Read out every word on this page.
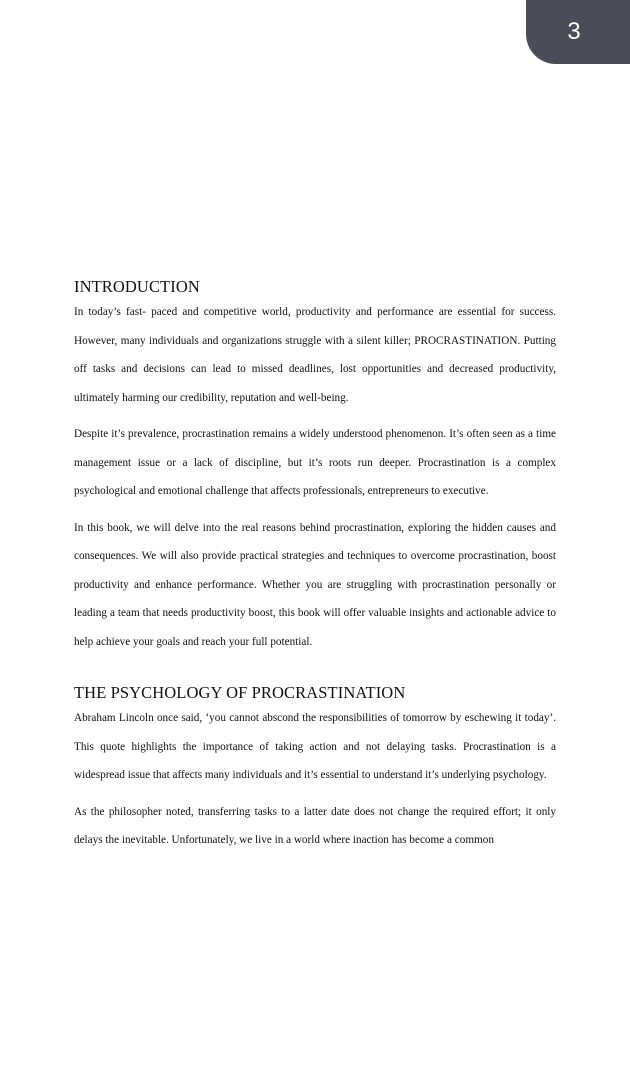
3
INTRODUCTION

In today’s fast- paced and competitive world, productivity and performance are essential for success. However, many individuals and organizations struggle with a silent killer; PROCRASTINATION. Putting off tasks and decisions can lead to missed deadlines, lost opportunities and decreased productivity, ultimately harming our credibility, reputation and well-being.

Despite it’s prevalence, procrastination remains a widely understood phenomenon. It’s often seen as a time management issue or a lack of discipline, but it’s roots run deeper. Procrastination is a complex psychological and emotional challenge that affects professionals, entrepreneurs to executive.

In this book, we will delve into the real reasons behind procrastination, exploring the hidden causes and consequences. We will also provide practical strategies and techniques to overcome procrastination, boost productivity and enhance performance. Whether you are struggling with procrastination personally or leading a team that needs productivity boost, this book will offer valuable insights and actionable advice to help achieve your goals and reach your full potential.

THE PSYCHOLOGY OF PROCRASTINATION

Abraham Lincoln once said, ‘you cannot abscond the responsibilities of tomorrow by eschewing it today’. This quote highlights the importance of taking action and not delaying tasks. Procrastination is a widespread issue that affects many individuals and it’s essential to understand it’s underlying psychology.

As the philosopher noted, transferring tasks to a latter date does not change the required effort; it only delays the inevitable. Unfortunately, we live in a world where inaction has become a common
